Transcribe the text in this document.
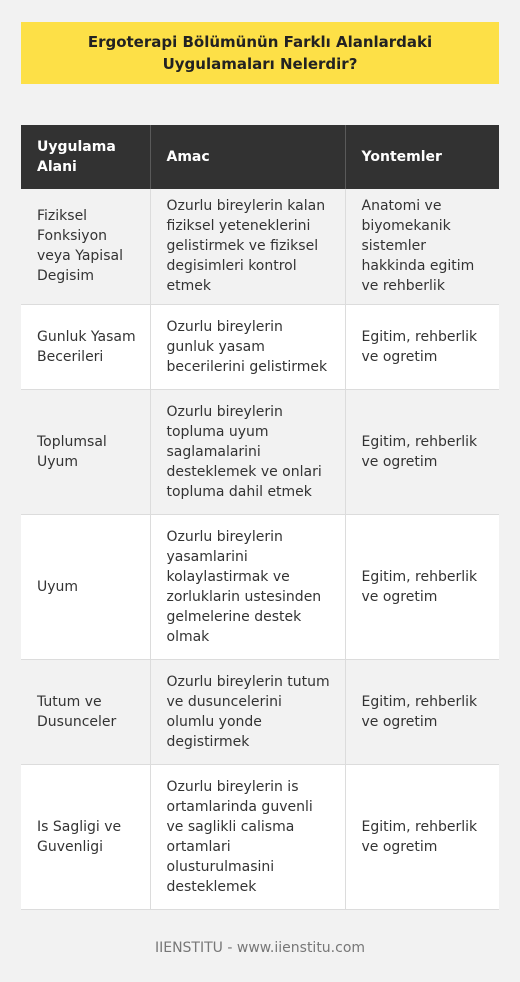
Ergoterapi Bölümünün Farklı Alanlardaki Uygulamaları Nelerdir?
Uygulama Alani	Amac	Yontemler
Fiziksel Fonksiyon veya Yapisal Degisim	Ozurlu bireylerin kalan fiziksel yeteneklerini gelistirmek ve fiziksel degisimleri kontrol etmek	Anatomi ve biyomekanik sistemler hakkinda egitim ve rehberlik
Gunluk Yasam Becerileri	Ozurlu bireylerin gunluk yasam becerilerini gelistirmek	Egitim, rehberlik ve ogretim
Toplumsal Uyum	Ozurlu bireylerin topluma uyum saglamalarini desteklemek ve onlari topluma dahil etmek	Egitim, rehberlik ve ogretim
Uyum	Ozurlu bireylerin yasamlarini kolaylastirmak ve zorluklarin ustesinden gelmelerine destek olmak	Egitim, rehberlik ve ogretim
Tutum ve Dusunceler	Ozurlu bireylerin tutum ve dusuncelerini olumlu yonde degistirmek	Egitim, rehberlik ve ogretim
Is Sagligi ve Guvenligi	Ozurlu bireylerin is ortamlarinda guvenli ve saglikli calisma ortamlari olusturulmasini desteklemek	Egitim, rehberlik ve ogretim
IIENSTITU - www.iienstitu.com
